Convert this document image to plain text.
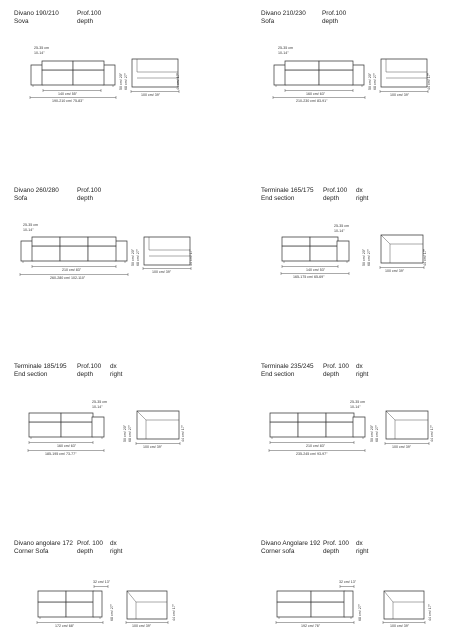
Divano 190/210
Sova
Prof.100
depth
25-35 cm
10-14"
140 cm/ 55"
190-210 cm/ 75-83"
50 cm/ 20" 68 cm/ 27"	44 cm/ 17"
100 cm/ 39"
Divano 210/230
Sofa
Prof.100
depth
25-35 cm
10-14"
160 cm/ 63"
210-230 cm/ 83-91"
50 cm/ 20" 68 cm/ 27"	44 cm/ 17"
100 cm/ 39"
Divano 260/280
Sofa
Prof.100
depth
25-35 cm
10-14"
210 cm/ 83"
260-280 cm/ 102-110"
50 cm/ 20" 68 cm/ 27"	44 cm/ 17"
100 cm/ 39"
Terminale 165/175
End section
Prof.100
depth
dx
right
25-35 cm
10-14"
140 cm/ 53"
165-175 cm/ 65-69"
50 cm/ 20" 68 cm/ 27"	44 cm/ 17"
100 cm/ 39"
Terminale 185/195
End section
Prof.100
depth
dx
right
25-35 cm
10-14"
160 cm/ 63"
185-195 cm/ 73-77"
50 cm/ 20" 68 cm/ 27"	44 cm/ 17"
100 cm/ 39"
Terminale 235/245
End section
Prof. 100
depth
dx
right
25-35 cm
10-14"
210 cm/ 83"
235-245 cm/ 93-97"
50 cm/ 20" 68 cm/ 27"	44 cm/ 17"
100 cm/ 39"
Divano angolare 172
Corner Sofa
Prof. 100
depth
dx
right
32 cm/ 13"
172 cm/ 68"
68 cm/ 27"	44 cm/ 17"
100 cm/ 39"
Divano Angolare 192
Corner sofa
Prof. 100
depth
dx
right
32 cm/ 13"
192 cm/ 76"
68 cm/ 27"	44 cm/ 17"
100 cm/ 39"
